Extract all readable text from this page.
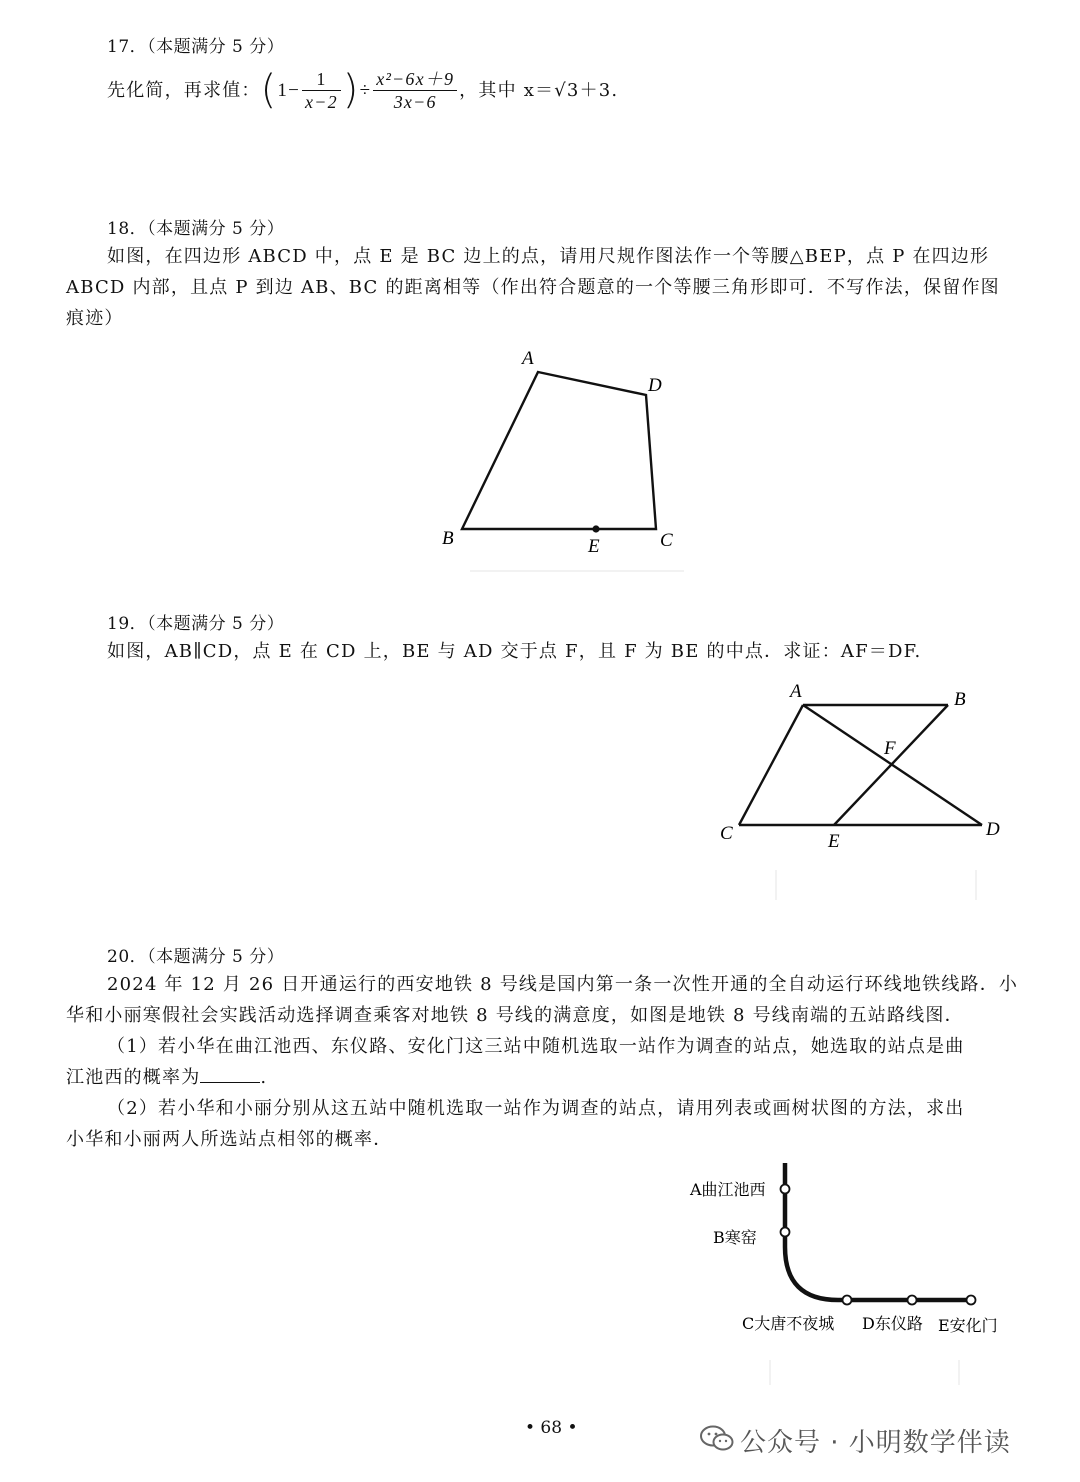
17．（本题满分 5 分）
先化简，再求值： ( $1- \frac{1}{x-2}$ ) ÷ $\frac{\text{x²−6x＋9}}{3x-6}$ ，其中 x＝√3＋3.
18．（本题满分 5 分）
如图，在四边形 ABCD 中，点 E 是 BC 边上的点，请用尺规作图法作一个等腰△BEP，点 P 在四边形
ABCD 内部，且点 P 到边 AB、BC 的距离相等（作出符合题意的一个等腰三角形即可．不写作法，保留作图
痕迹）
A
D
B	C
E
19．（本题满分 5 分）
如图，AB∥CD，点 E 在 CD 上，BE 与 AD 交于点 F，且 F 为 BE 的中点．求证：AF＝DF.
A	B
F
C	D
E
20．（本题满分 5 分）
2024 年 12 月 26 日开通运行的西安地铁 8 号线是国内第一条一次性开通的全自动运行环线地铁线路．小
华和小丽寒假社会实践活动选择调查乘客对地铁 8 号线的满意度，如图是地铁 8 号线南端的五站路线图．
（1）若小华在曲江池西、东仪路、安化门这三站中随机选取一站作为调查的站点，她选取的站点是曲
江池西的概率为	.
（2）若小华和小丽分别从这五站中随机选取一站作为调查的站点，请用列表或画树状图的方法，求出
小华和小丽两人所选站点相邻的概率．
A曲江池西
B寒窑
C大唐不夜城 D东仪路 E安化门
• 68 •	公众号 · 小明数学伴读
